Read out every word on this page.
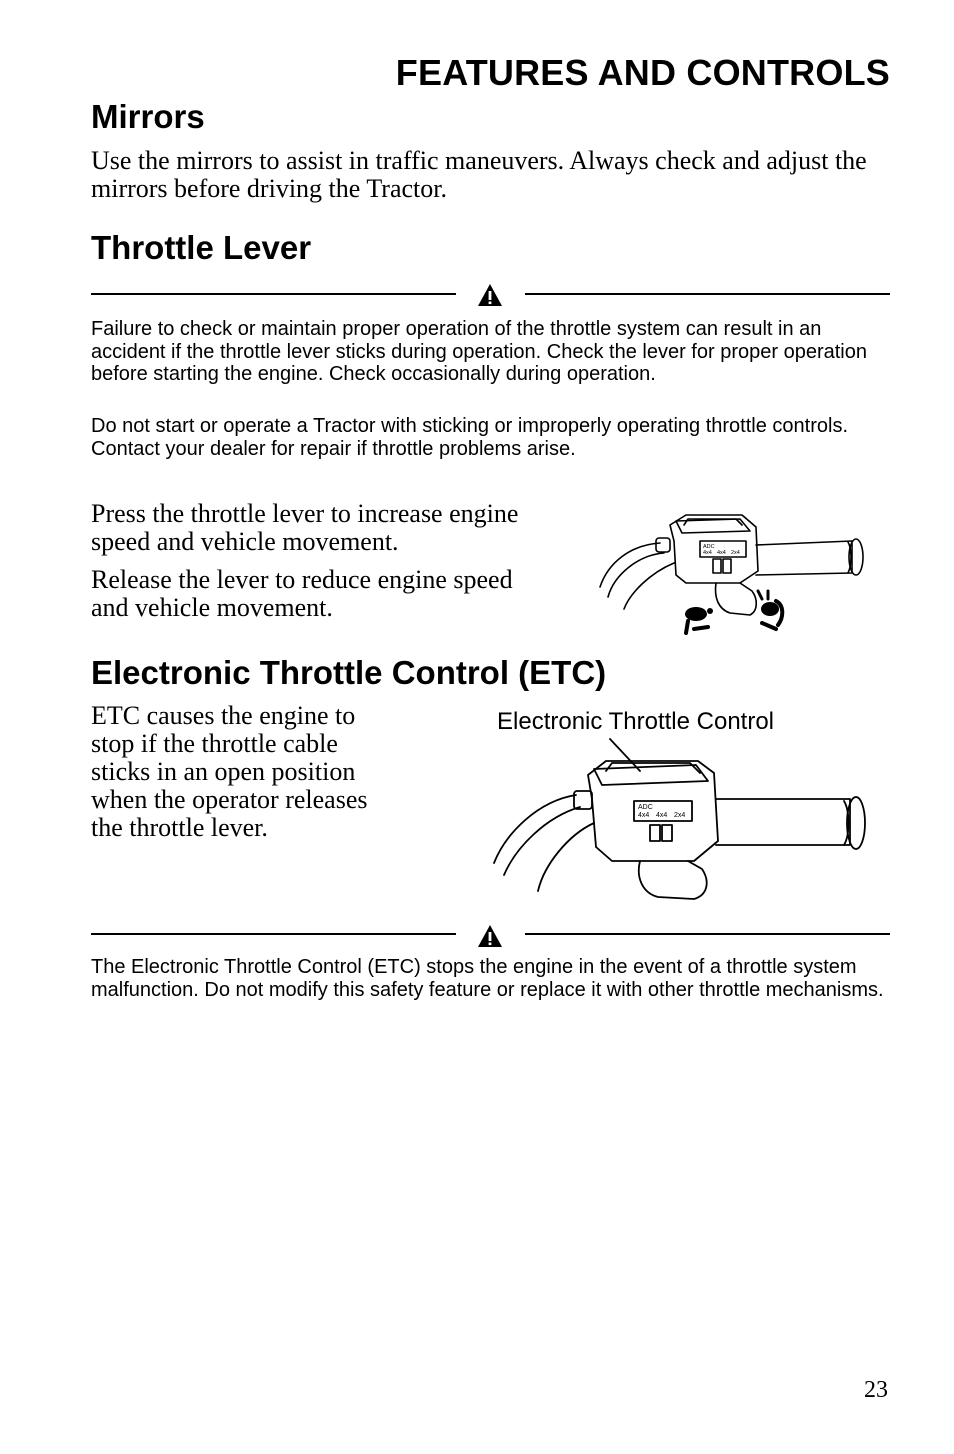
FEATURES AND CONTROLS
Mirrors
Use the mirrors to assist in traffic maneuvers. Always check and adjust the mirrors before driving the Tractor.
Throttle Lever
Failure to check or maintain proper operation of the throttle system can result in an accident if the throttle lever sticks during operation. Check the lever for proper operation before starting the engine. Check occasionally during operation.
Do not start or operate a Tractor with sticking or improperly operating throttle controls. Contact your dealer for repair if throttle problems arise.
Press the throttle lever to increase engine speed and vehicle movement.
Release the lever to reduce engine speed and vehicle movement.
ADC
4x4 4x4 2x4
Electronic Throttle Control (ETC)
ETC causes the engine to stop if the throttle cable sticks in an open position when the operator releases the throttle lever.
Electronic Throttle Control
ADC
4x4 4x4 2x4
The Electronic Throttle Control (ETC) stops the engine in the event of a throttle system malfunction. Do not modify this safety feature or replace it with other throttle mechanisms.
23
